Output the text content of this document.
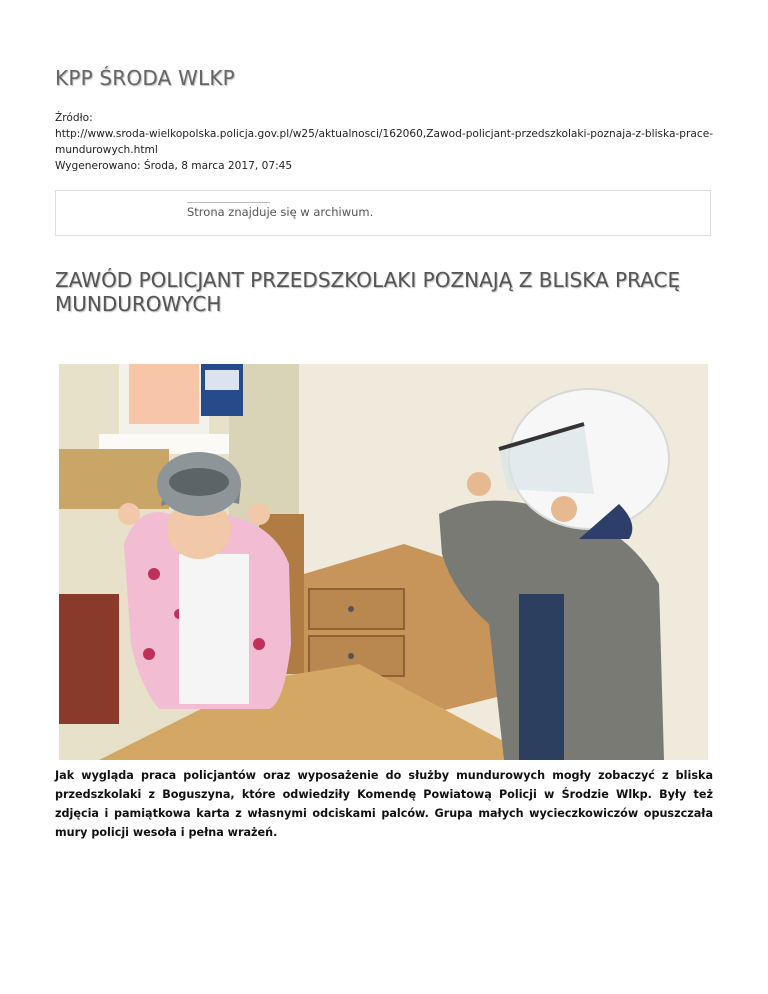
KPP ŚRODA WLKP
Źródło:
http://www.sroda-wielkopolska.policja.gov.pl/w25/aktualnosci/162060,Zawod-policjant-przedszkolaki-poznaja-z-bliska-prace-mundurowych.html
Wygenerowano: Środa, 8 marca 2017, 07:45
Strona znajduje się w archiwum.
ZAWÓD POLICJANT PRZEDSZKOLAKI POZNAJĄ Z BLISKA PRACĘ MUNDUROWYCH
Jak wygląda praca policjantów oraz wyposażenie do służby mundurowych mogły zobaczyć z bliska przedszkolaki z Boguszyna, które odwiedziły Komendę Powiatową Policji w Środzie Wlkp. Były też zdjęcia i pamiątkowa karta z własnymi odciskami palców. Grupa małych wycieczkowiczów opuszczała mury policji wesoła i pełna wrażeń.
